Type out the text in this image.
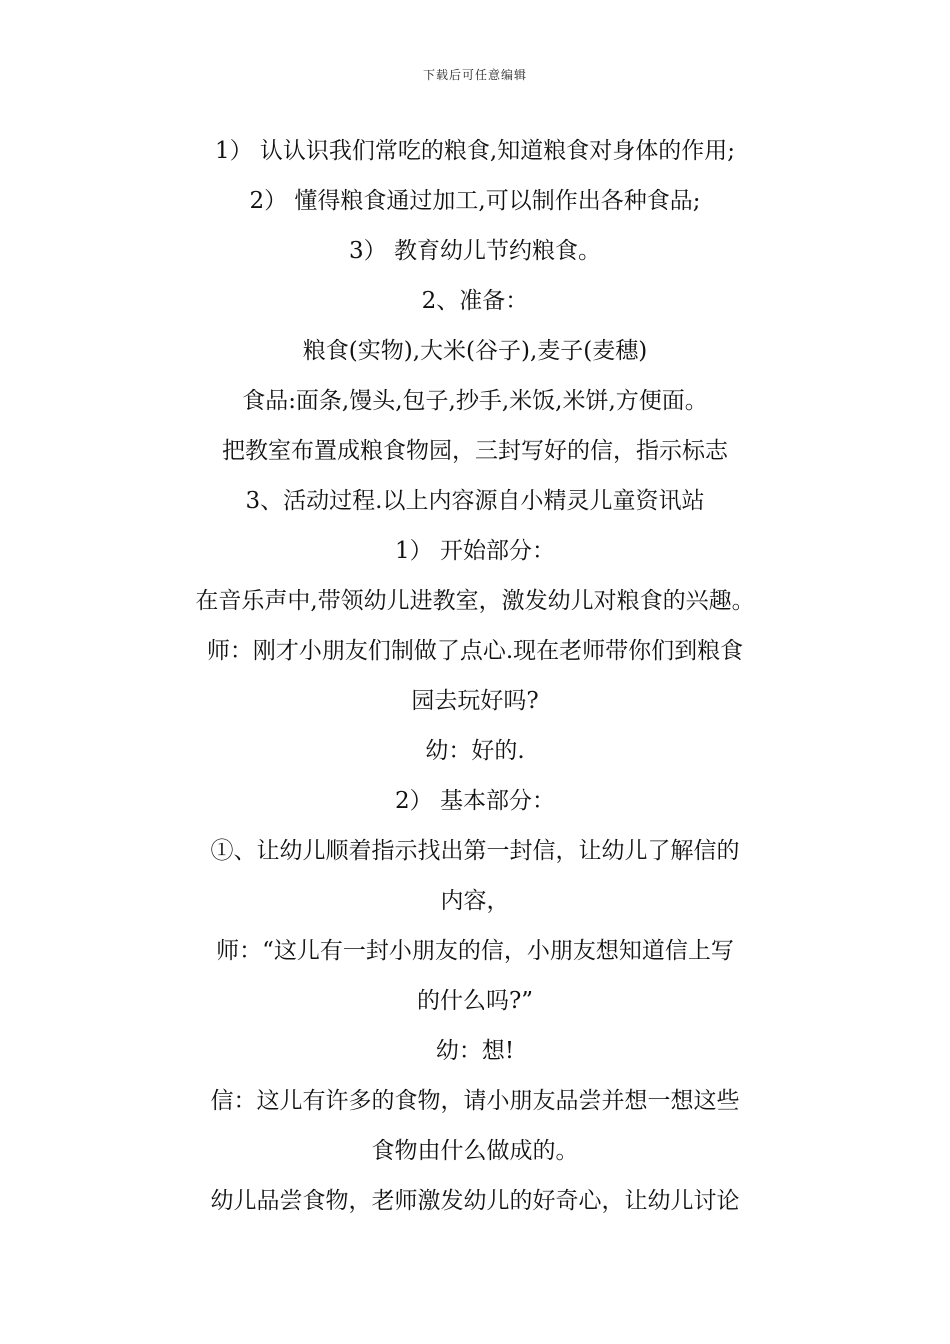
下载后可任意编辑
1） 认认识我们常吃的粮食,知道粮食对身体的作用;
2） 懂得粮食通过加工,可以制作出各种食品;
3） 教育幼儿节约粮食。
2、准备：
粮食(实物),大米(谷子),麦子(麦穗)
食品:面条,馒头,包子,抄手,米饭,米饼,方便面。
把教室布置成粮食物园，三封写好的信，指示标志
3、活动过程.以上内容源自小精灵儿童资讯站
1） 开始部分：
在音乐声中,带领幼儿进教室，激发幼儿对粮食的兴趣。
师：刚才小朋友们制做了点心.现在老师带你们到粮食
园去玩好吗?
幼：好的.
2） 基本部分：
①、让幼儿顺着指示找出第一封信，让幼儿了解信的
内容，
师：“这儿有一封小朋友的信，小朋友想知道信上写
的什么吗?”
幼：想!
信：这儿有许多的食物，请小朋友品尝并想一想这些
食物由什么做成的。
幼儿品尝食物，老师激发幼儿的好奇心，让幼儿讨论
